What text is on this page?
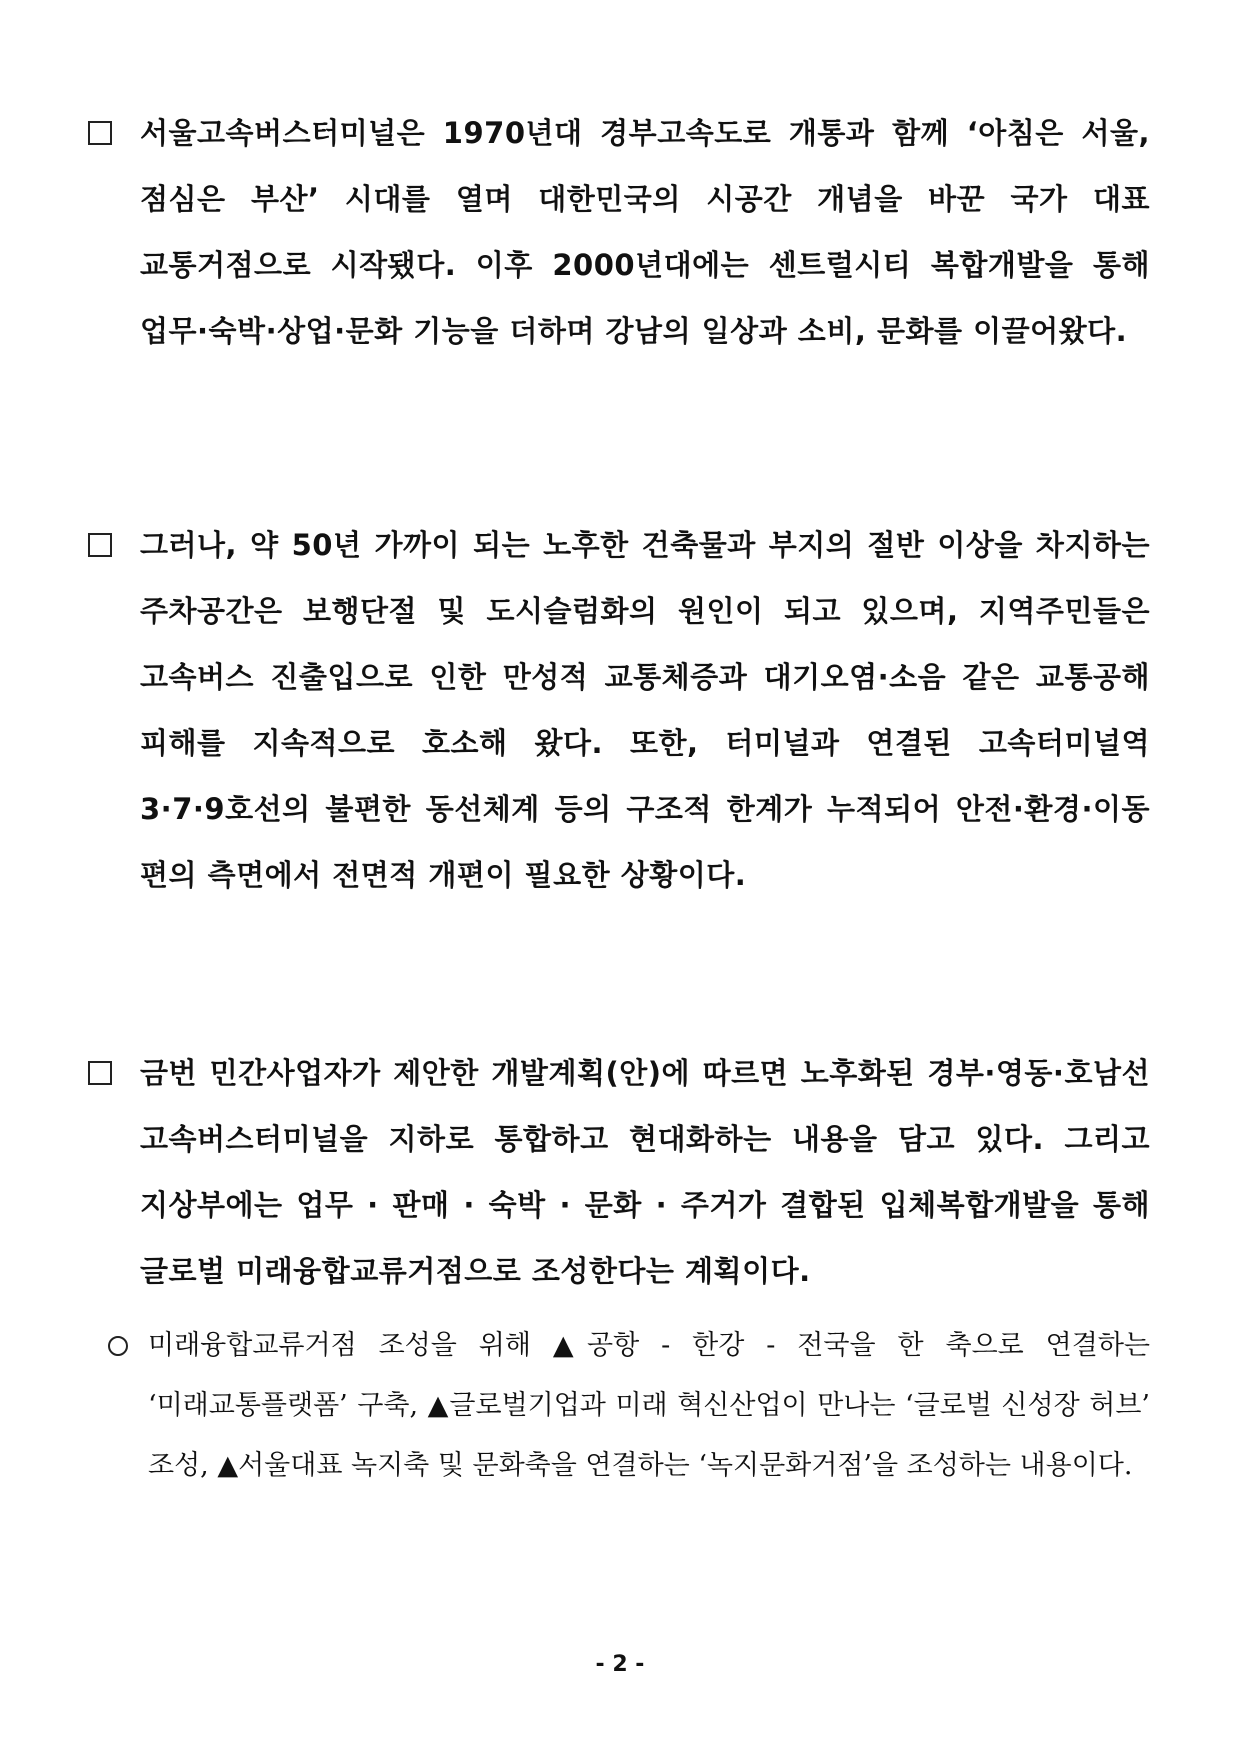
서울고속버스터미널은 1970년대 경부고속도로 개통과 함께 ‘아침은 서울, 점심은 부산’ 시대를 열며 대한민국의 시공간 개념을 바꾼 국가 대표 교통거점으로 시작됐다. 이후 2000년대에는 센트럴시티 복합개발을 통해 업무·숙박·상업·문화 기능을 더하며 강남의 일상과 소비, 문화를 이끌어왔다.
그러나, 약 50년 가까이 되는 노후한 건축물과 부지의 절반 이상을 차지하는 주차공간은 보행단절 및 도시슬럼화의 원인이 되고 있으며, 지역주민들은 고속버스 진출입으로 인한 만성적 교통체증과 대기오염·소음 같은 교통공해 피해를 지속적으로 호소해 왔다. 또한, 터미널과 연결된 고속터미널역 3·7·9호선의 불편한 동선체계 등의 구조적 한계가 누적되어 안전·환경·이동 편의 측면에서 전면적 개편이 필요한 상황이다.
금번 민간사업자가 제안한 개발계획(안)에 따르면 노후화된 경부·영동·호남선 고속버스터미널을 지하로 통합하고 현대화하는 내용을 담고 있다. 그리고 지상부에는 업무 · 판매 · 숙박 · 문화 · 주거가 결합된 입체복합개발을 통해 글로벌 미래융합교류거점으로 조성한다는 계획이다.
미래융합교류거점 조성을 위해 ▲공항 - 한강 - 전국을 한 축으로 연결하는 ‘미래교통플랫폼’ 구축, ▲글로벌기업과 미래 혁신산업이 만나는 ‘글로벌 신성장 허브’ 조성, ▲서울대표 녹지축 및 문화축을 연결하는 ‘녹지문화거점’을 조성하는 내용이다.
- 2 -
